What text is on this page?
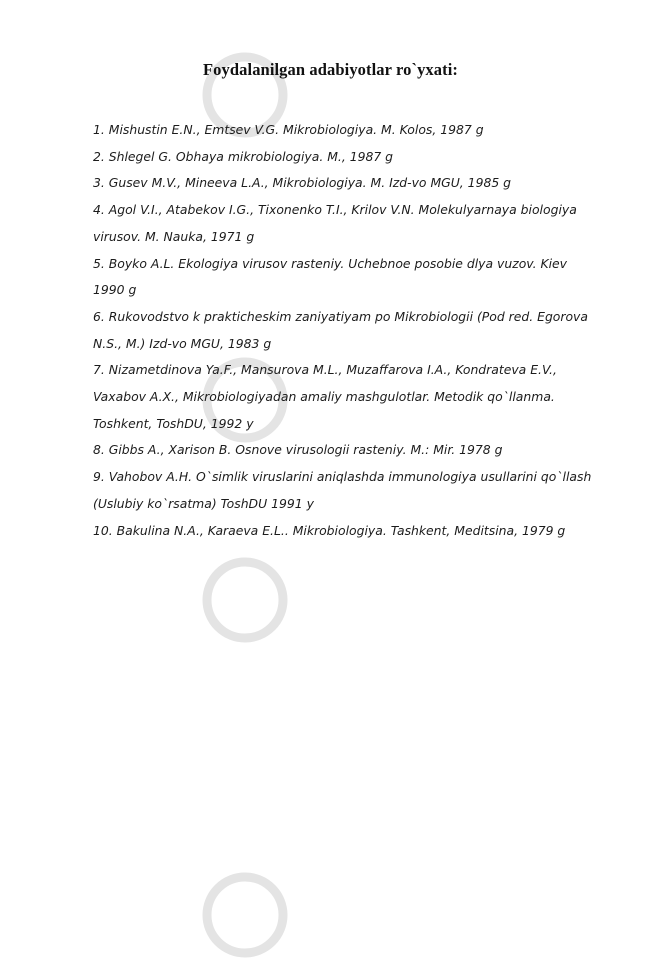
Foydalanilgan adabiyotlar ro`yxati:
1. Mishustin E.N., Emtsev V.G. Mikrobiologiya. M. Kolos, 1987 g
2. Shlegel G. Obhaya mikrobiologiya. M., 1987 g
3. Gusev M.V., Mineeva L.A., Mikrobiologiya. M. Izd-vo MGU, 1985 g
4. Agol V.I., Atabekov I.G., Tixonenko T.I., Krilov V.N. Molekulyarnaya biologiya
virusov. M. Nauka, 1971 g
5. Boyko A.L. Ekologiya virusov rasteniy. Uchebnoe posobie dlya vuzov. Kiev
1990 g
6. Rukovodstvo k prakticheskim zaniyatiyam po Mikrobiologii (Pod red. Egorova
N.S., M.) Izd-vo MGU, 1983 g
7. Nizametdinova Ya.F., Mansurova M.L., Muzaffarova I.A., Kondrateva E.V.,
Vaxabov A.X., Mikrobiologiyadan amaliy mashgulotlar. Metodik qo`llanma.
Toshkent, ToshDU, 1992 y
8. Gibbs A., Xarison B. Osnove virusologii rasteniy. M.: Mir. 1978 g
9. Vahobov A.H. O`simlik viruslarini aniqlashda immunologiya usullarini qo`llash
(Uslubiy ko`rsatma) ToshDU 1991 y
10. Bakulina N.A., Karaeva E.L.. Mikrobiologiya. Tashkent, Meditsina, 1979 g
